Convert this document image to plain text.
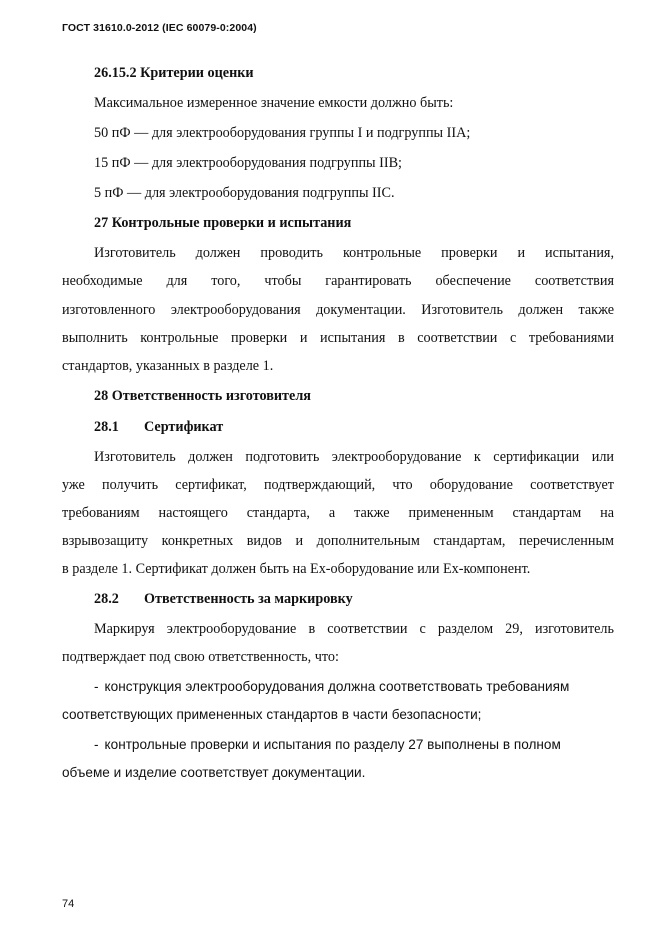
ГОСТ 31610.0-2012 (IEC 60079-0:2004)
26.15.2 Критерии оценки
Максимальное измеренное значение емкости должно быть:
50 пФ — для электрооборудования группы I и подгруппы IIA;
15 пФ — для электрооборудования подгруппы IIB;
5 пФ — для электрооборудования подгруппы IIC.
27 Контрольные проверки и испытания
Изготовитель должен проводить контрольные проверки и испытания,
необходимые для того, чтобы гарантировать обеспечение соответствия
изготовленного электрооборудования документации. Изготовитель должен также
выполнить контрольные проверки и испытания в соответствии с требованиями
стандартов, указанных в разделе 1.
28 Ответственность изготовителя
28.1 Сертификат
Изготовитель должен подготовить электрооборудование к сертификации или
уже получить сертификат, подтверждающий, что оборудование соответствует
требованиям настоящего стандарта, а также примененным стандартам на
взрывозащиту конкретных видов и дополнительным стандартам, перечисленным
в разделе 1. Сертификат должен быть на Ex-оборудование или Ex-компонент.
28.2 Ответственность за маркировку
Маркируя электрооборудование в соответствии с разделом 29, изготовитель
подтверждает под свою ответственность, что:
- конструкция электрооборудования должна соответствовать требованиям
соответствующих примененных стандартов в части безопасности;
- контрольные проверки и испытания по разделу 27 выполнены в полном
объеме и изделие соответствует документации.
74
